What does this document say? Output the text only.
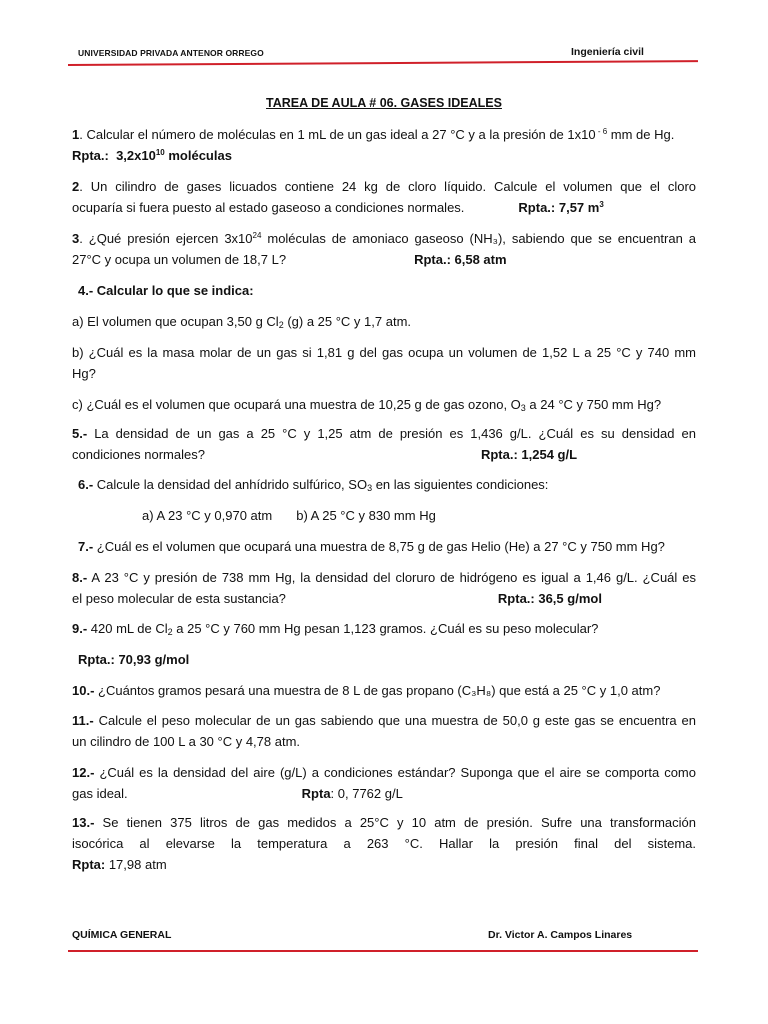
UNIVERSIDAD PRIVADA ANTENOR ORREGO	Ingeniería civil
TAREA DE AULA # 06. GASES IDEALES
1. Calcular el número de moléculas en 1 mL de un gas ideal a 27 °C y a la presión de 1x10 $^{- 6}$ mm de Hg.
Rpta.: $3,2x10^{10}$ moléculas
2. Un cilindro de gases licuados contiene 24 kg de cloro líquido. Calcule el volumen que el cloro
ocuparía si fuera puesto al estado gaseoso a condiciones normales.	Rpta.: 7,57 $m^3$
3. ¿Qué presión ejercen $3x10^{24}$ moléculas de amoniaco gaseoso (NH₃), sabiendo que se encuentran a
27°C y ocupa un volumen de 18,7 L?	Rpta.: 6,58 atm
4.- Calcular lo que se indica:
a) El volumen que ocupan 3,50 g $Cl_2$ (g) a 25 °C y 1,7 atm.
b) ¿Cuál es la masa molar de un gas si 1,81 g del gas ocupa un volumen de 1,52 L a 25 °C y 740 mm
Hg?
c) ¿Cuál es el volumen que ocupará una muestra de 10,25 g de gas ozono, $O_3$ a 24 °C y 750 mm Hg?
5.- La densidad de un gas a 25 °C y 1,25 atm de presión es 1,436 g/L. ¿Cuál es su densidad en
condiciones normales?	Rpta.: 1,254 g/L
6.- Calcule la densidad del anhídrido sulfúrico, $SO_3$ en las siguientes condiciones:
a) A 23 °C y 0,970 atm b) A 25 °C y 830 mm Hg
7.- ¿Cuál es el volumen que ocupará una muestra de 8,75 g de gas Helio (He) a 27 °C y 750 mm Hg?
8.- A 23 °C y presión de 738 mm Hg, la densidad del cloruro de hidrógeno es igual a 1,46 g/L. ¿Cuál es
el peso molecular de esta sustancia?	Rpta.: 36,5 g/mol
9.- 420 mL de $Cl_2$ a 25 °C y 760 mm Hg pesan 1,123 gramos. ¿Cuál es su peso molecular?
Rpta.: 70,93 g/mol
10.- ¿Cuántos gramos pesará una muestra de 8 L de gas propano (C₃H₈) que está a 25 °C y 1,0 atm?
11.- Calcule el peso molecular de un gas sabiendo que una muestra de 50,0 g este gas se encuentra en
un cilindro de 100 L a 30 °C y 4,78 atm.
12.- ¿Cuál es la densidad del aire (g/L) a condiciones estándar? Suponga que el aire se comporta como
gas ideal.	Rpta: 0, 7762 g/L
13.- Se tienen 375 litros de gas medidos a 25°C y 10 atm de presión. Sufre una transformación
isocórica al elevarse la temperatura a 263 °C. Hallar la presión final del sistema.
Rpta: 17,98 atm
QUÍMICA GENERAL	Dr. Victor A. Campos Linares
